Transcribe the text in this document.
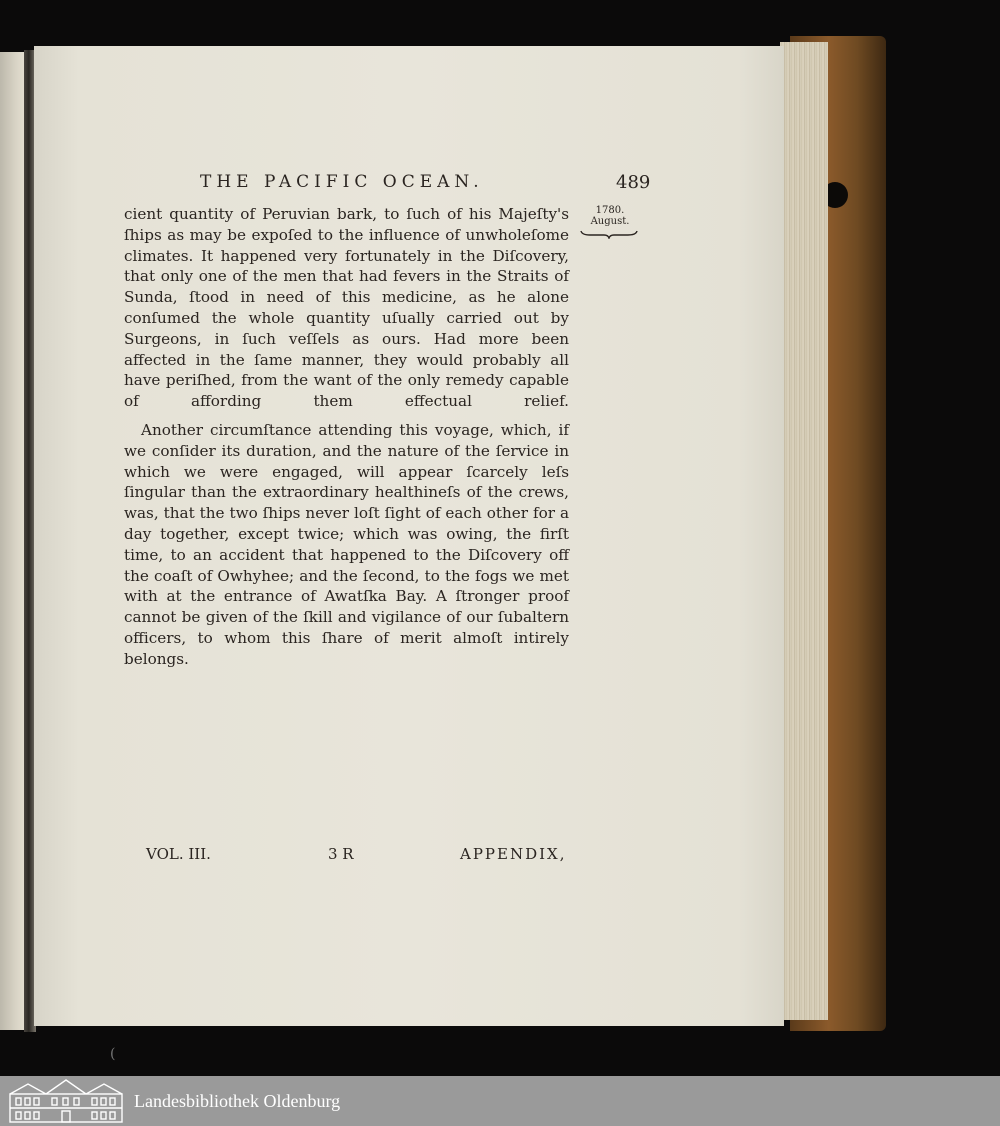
THE PACIFIC OCEAN.	489
1780.
August.

cient quantity of Peruvian bark, to ſuch of his Majeſty's ſhips as may be expoſed to the influence of unwholeſome climates. It happened very fortunately in the Diſcovery, that only one of the men that had fevers in the Straits of Sunda, ſtood in need of this medicine, as he alone conſumed the whole quantity uſually carried out by Surgeons, in ſuch veſſels as ours. Had more been affected in the ſame manner, they would probably all have periſhed, from the want of the only remedy capable of affording them effectual relief.

Another circumſtance attending this voyage, which, if we conſider its duration, and the nature of the ſervice in which we were engaged, will appear ſcarcely leſs ſingular than the extraordinary healthineſs of the crews, was, that the two ſhips never loſt ſight of each other for a day together, except twice; which was owing, the firſt time, to an accident that happened to the Diſcovery off the coaſt of Owhyhee; and the ſecond, to the fogs we met with at the entrance of Awatſka Bay. A ſtronger proof cannot be given of the ſkill and vigilance of our ſubaltern officers, to whom this ſhare of merit almoſt intirely belongs.

VOL. III.	3 R	APPENDIX,
(
Landesbibliothek Oldenburg
